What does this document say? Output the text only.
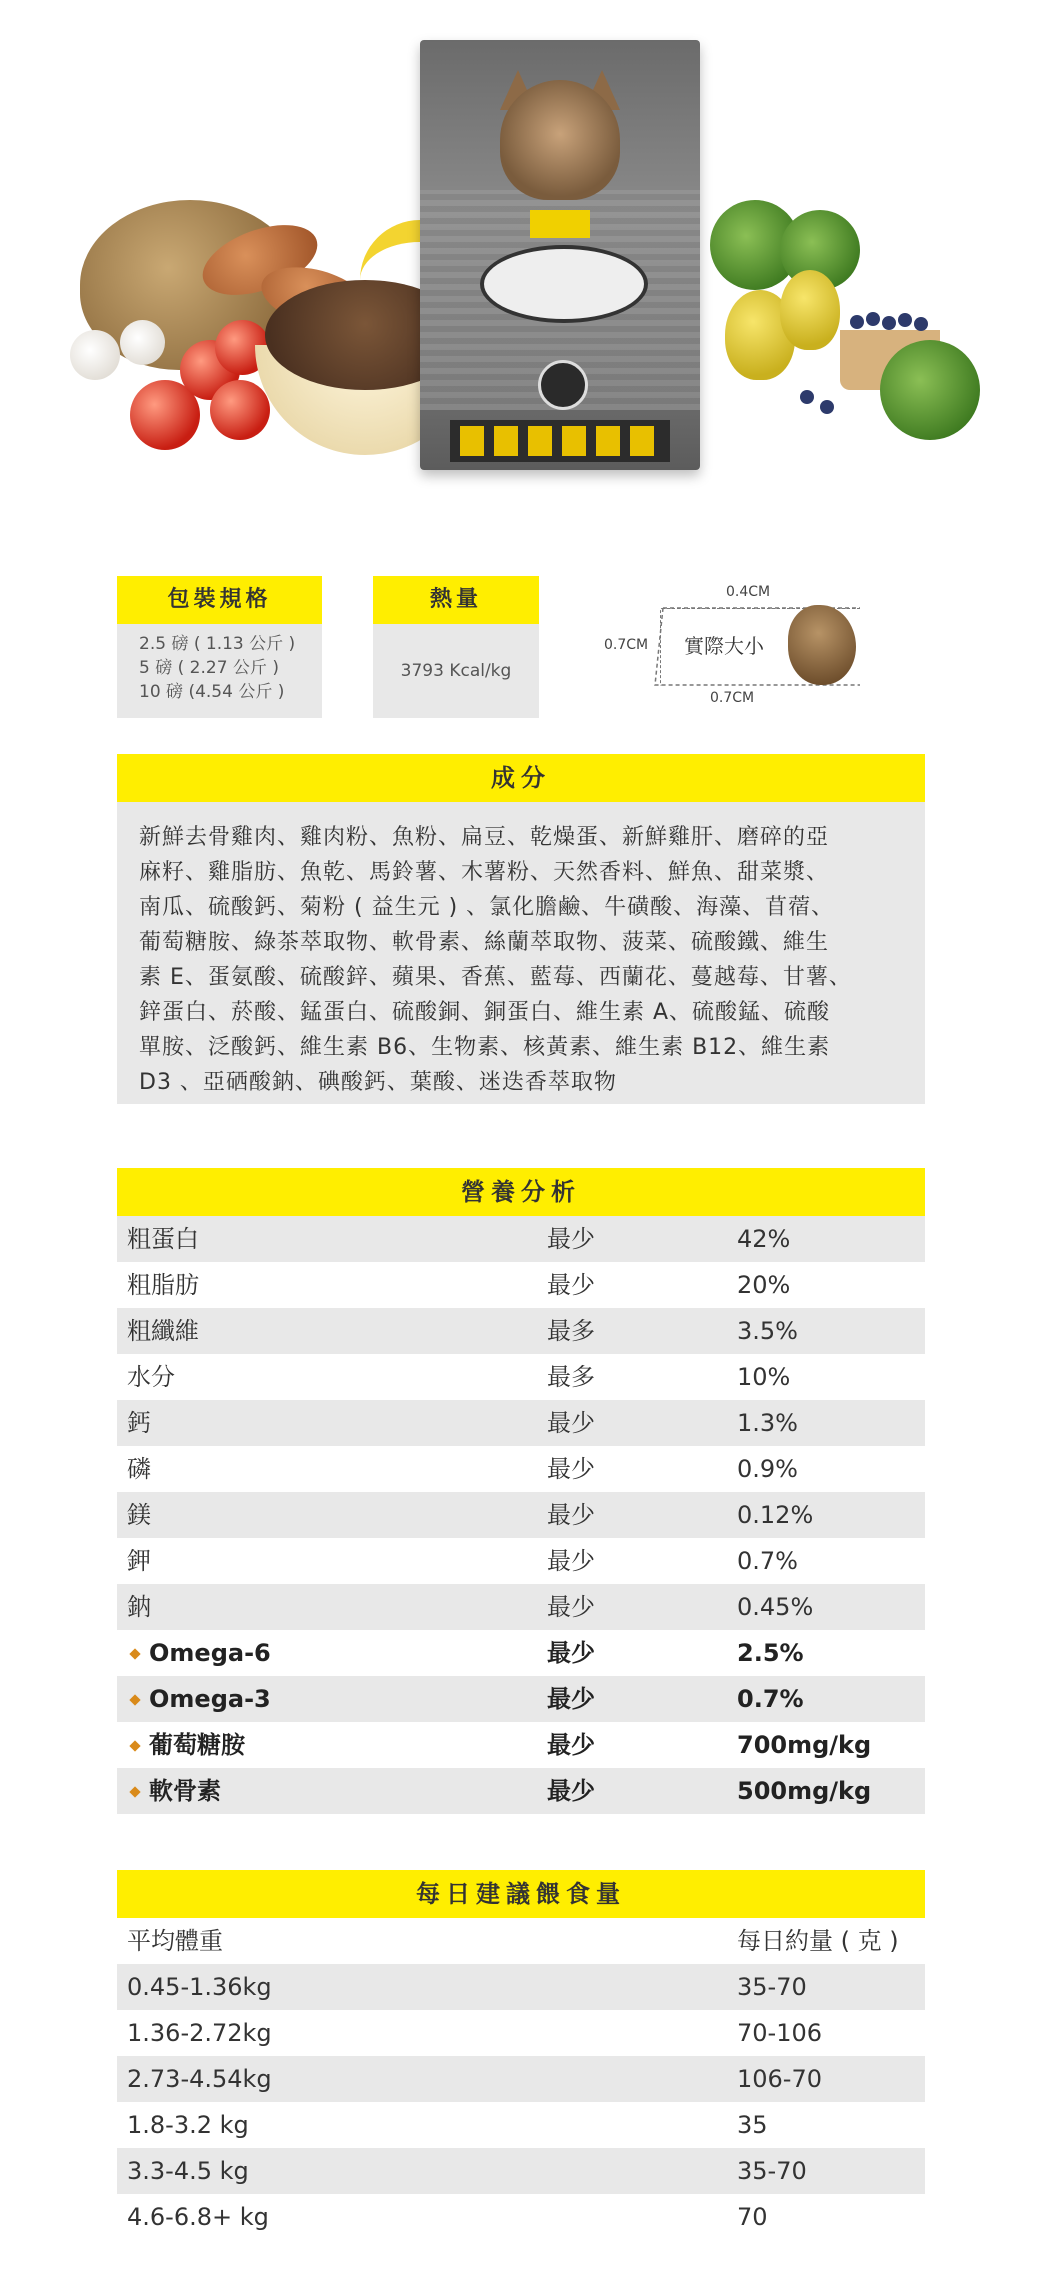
包裝規格
2.5 磅 ( 1.13 公斤 )
5 磅 ( 2.27 公斤 )
10 磅 (4.54 公斤 )
熱量
3793 Kcal/kg
0.4CM
0.7CM
0.7CM
實際大小
成分
新鮮去骨雞肉、雞肉粉、魚粉、扁豆、乾燥蛋、新鮮雞肝、磨碎的亞
麻籽、雞脂肪、魚乾、馬鈴薯、木薯粉、天然香料、鮮魚、甜菜漿、
南瓜、硫酸鈣、菊粉 ( 益生元 ) 、氯化膽鹼、牛磺酸、海藻、苜蓿、
葡萄糖胺、綠茶萃取物、軟骨素、絲蘭萃取物、菠菜、硫酸鐵、維生
素 E、蛋氨酸、硫酸鋅、蘋果、香蕉、藍莓、西蘭花、蔓越莓、甘薯、
鋅蛋白、菸酸、錳蛋白、硫酸銅、銅蛋白、維生素 A、硫酸錳、硫酸
單胺、泛酸鈣、維生素 B6、生物素、核黃素、維生素 B12、維生素
D3 、亞硒酸鈉、碘酸鈣、葉酸、迷迭香萃取物
營養分析
粗蛋白	最少	42%
粗脂肪	最少	20%
粗纖維	最多	3.5%
水分	最多	10%
鈣	最少	1.3%
磷	最少	0.9%
鎂	最少	0.12%
鉀	最少	0.7%
鈉	最少	0.45%
Omega-6	最少	2.5%
Omega-3	最少	0.7%
葡萄糖胺	最少	700mg/kg
軟骨素	最少	500mg/kg
每日建議餵食量
平均體重	每日約量 ( 克 )
0.45-1.36kg	35-70
1.36-2.72kg	70-106
2.73-4.54kg	106-70
1.8-3.2 kg	35
3.3-4.5 kg	35-70
4.6-6.8+ kg	70
